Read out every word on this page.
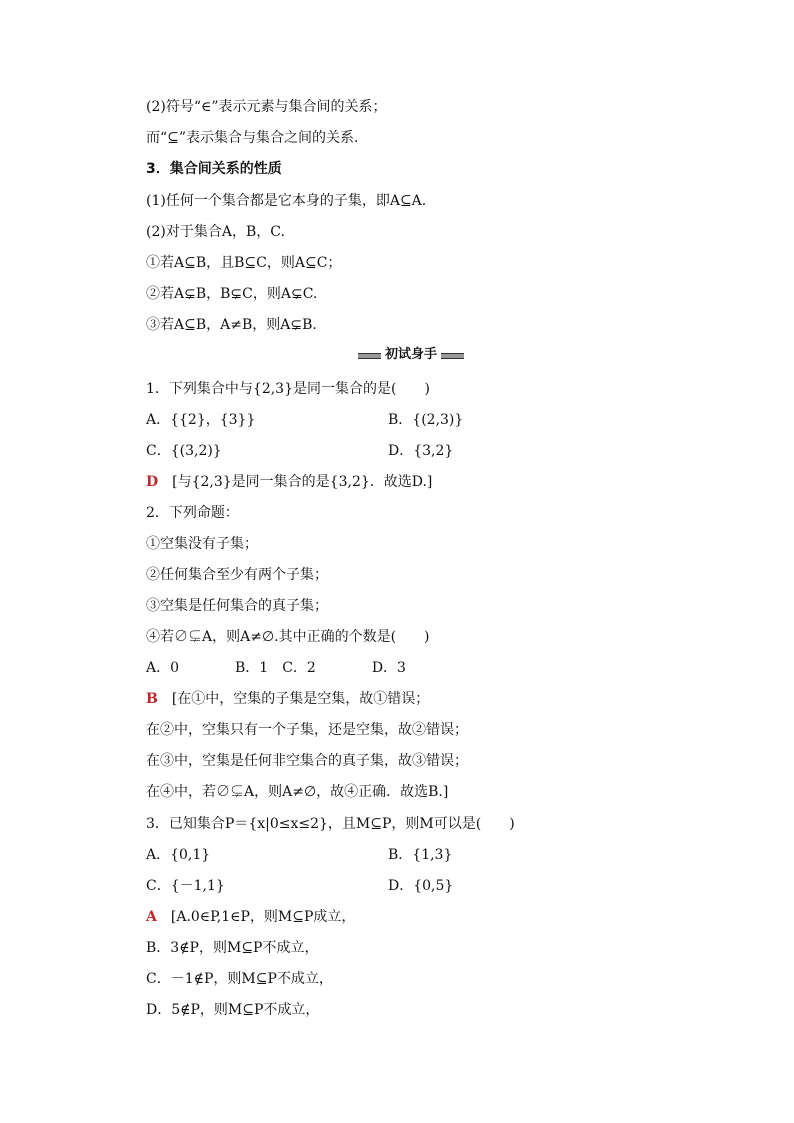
(2)符号“∈”表示元素与集合间的关系；
而“⊆”表示集合与集合之间的关系.
3．集合间关系的性质
(1)任何一个集合都是它本身的子集，即A⊆A.
(2)对于集合A，B，C.
①若A⊆B，且B⊆C，则A⊆C；
②若A⊊B，B⊊C，则A⊊C.
③若A⊆B，A≠B，则A⊊B.
初试身手
1．下列集合中与{2,3}是同一集合的是(　　)
A．{{2}，{3}}	B．{(2,3)}
C．{(3,2)}	D．{3,2}
D [与{2,3}是同一集合的是{3,2}．故选D.]
2．下列命题：
①空集没有子集；
②任何集合至少有两个子集；
③空集是任何集合的真子集；
④若∅⊊A，则A≠∅.其中正确的个数是(　　)
A．0　　　　B．1　C．2　　　　D．3
B [在①中，空集的子集是空集，故①错误；
在②中，空集只有一个子集，还是空集，故②错误；
在③中，空集是任何非空集合的真子集，故③错误；
在④中，若∅⊊A，则A≠∅，故④正确．故选B.]
3．已知集合P＝{x|0≤x≤2}，且M⊆P，则M可以是(　　)
A．{0,1}	B．{1,3}
C．{－1,1}	D．{0,5}
A [A.0∈P,1∈P，则M⊆P成立，
B．3∉P，则M⊆P不成立，
C．－1∉P，则M⊆P不成立，
D．5∉P，则M⊆P不成立，
